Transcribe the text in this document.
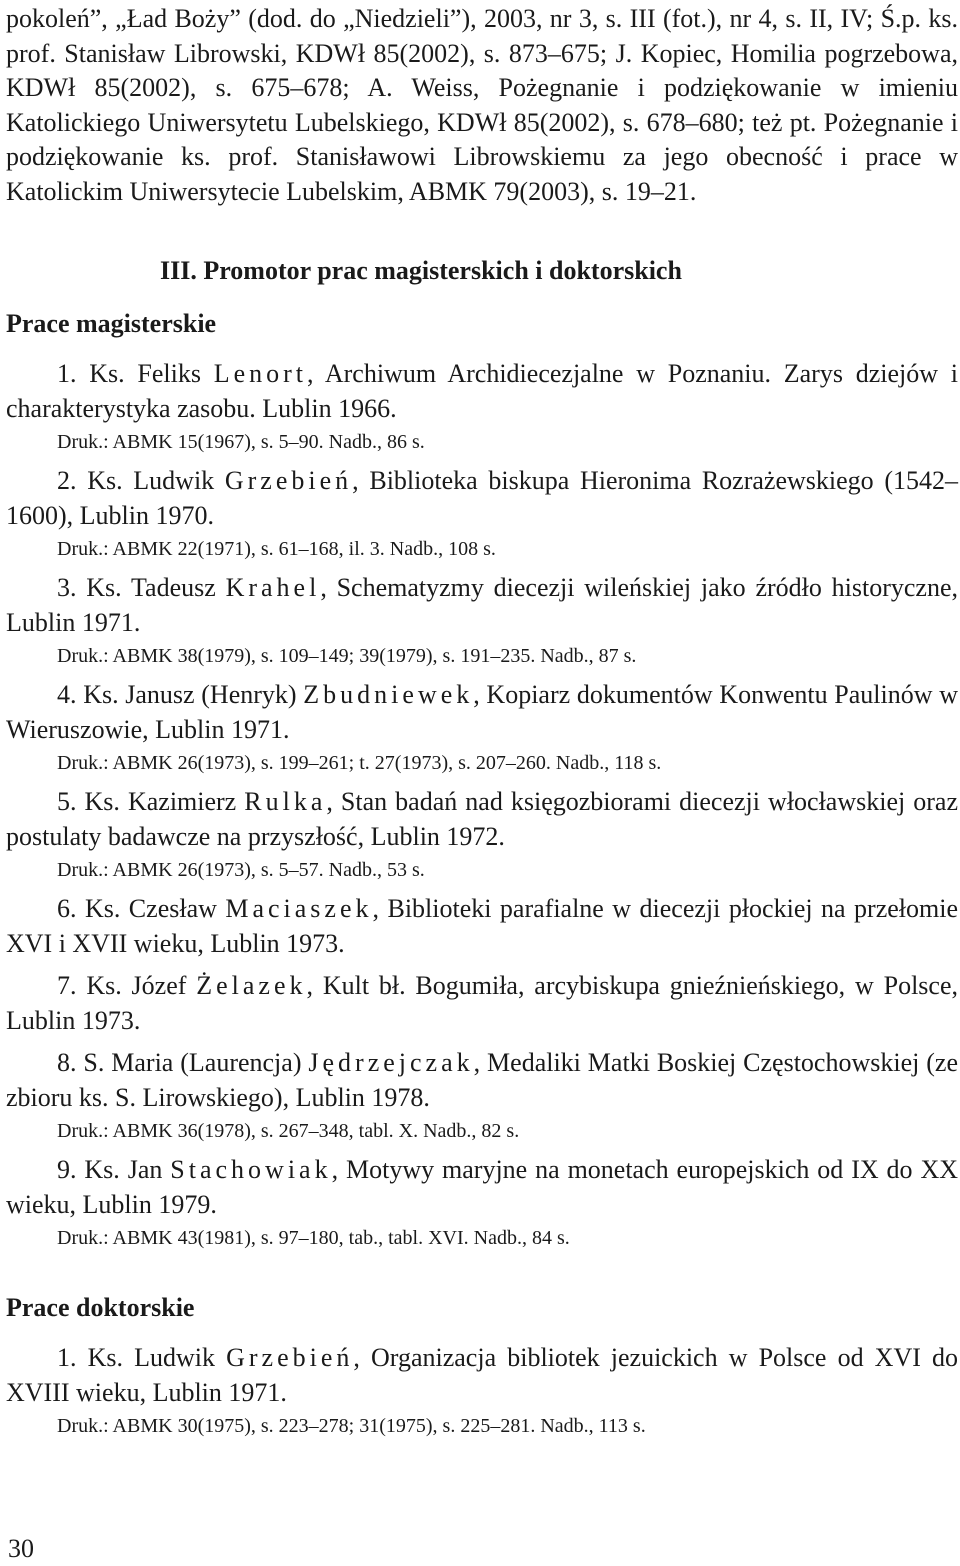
pokoleń”, „Ład Boży” (dod. do „Niedzieli”), 2003, nr 3, s. III (fot.), nr 4, s. II, IV; Ś.p. ks. prof. Stanisław Librowski, KDWł 85(2002), s. 873–675; J. Kopiec, Homilia pogrzebowa, KDWł 85(2002), s. 675–678; A. Weiss, Pożegnanie i podziękowanie w imieniu Katolickiego Uniwersytetu Lubelskiego, KDWł 85(2002), s. 678–680; też pt. Pożegnanie i podziękowanie ks. prof. Stanisławowi Librowskiemu za jego obecność i prace w Katolickim Uniwersytecie Lubelskim, ABMK 79(2003), s. 19–21.

III. Promotor prac magisterskich i doktorskich
Prace magisterskie

1. Ks. Feliks Lenort, Archiwum Archidiecezjalne w Poznaniu. Zarys dziejów i charakterystyka zasobu. Lublin 1966.

Druk.: ABMK 15(1967), s. 5–90. Nadb., 86 s.

2. Ks. Ludwik Grzebień, Biblioteka biskupa Hieronima Rozrażewskiego (1542–1600), Lublin 1970.

Druk.: ABMK 22(1971), s. 61–168, il. 3. Nadb., 108 s.

3. Ks. Tadeusz Krahel, Schematyzmy diecezji wileńskiej jako źródło historyczne, Lublin 1971.

Druk.: ABMK 38(1979), s. 109–149; 39(1979), s. 191–235. Nadb., 87 s.

4. Ks. Janusz (Henryk) Zbudniewek, Kopiarz dokumentów Konwentu Paulinów w Wieruszowie, Lublin 1971.

Druk.: ABMK 26(1973), s. 199–261; t. 27(1973), s. 207–260. Nadb., 118 s.

5. Ks. Kazimierz Rulka, Stan badań nad księgozbiorami diecezji włocławskiej oraz postulaty badawcze na przyszłość, Lublin 1972.

Druk.: ABMK 26(1973), s. 5–57. Nadb., 53 s.

6. Ks. Czesław Maciaszek, Biblioteki parafialne w diecezji płockiej na przełomie XVI i XVII wieku, Lublin 1973.

7. Ks. Józef Żelazek, Kult bł. Bogumiła, arcybiskupa gnieźnieńskiego, w Polsce, Lublin 1973.

8. S. Maria (Laurencja) Jędrzejczak, Medaliki Matki Boskiej Częstochowskiej (ze zbioru ks. S. Lirowskiego), Lublin 1978.

Druk.: ABMK 36(1978), s. 267–348, tabl. X. Nadb., 82 s.

9. Ks. Jan Stachowiak, Motywy maryjne na monetach europejskich od IX do XX wieku, Lublin 1979.

Druk.: ABMK 43(1981), s. 97–180, tab., tabl. XVI. Nadb., 84 s.
Prace doktorskie

1. Ks. Ludwik Grzebień, Organizacja bibliotek jezuickich w Polsce od XVI do XVIII wieku, Lublin 1971.

Druk.: ABMK 30(1975), s. 223–278; 31(1975), s. 225–281. Nadb., 113 s.
30
